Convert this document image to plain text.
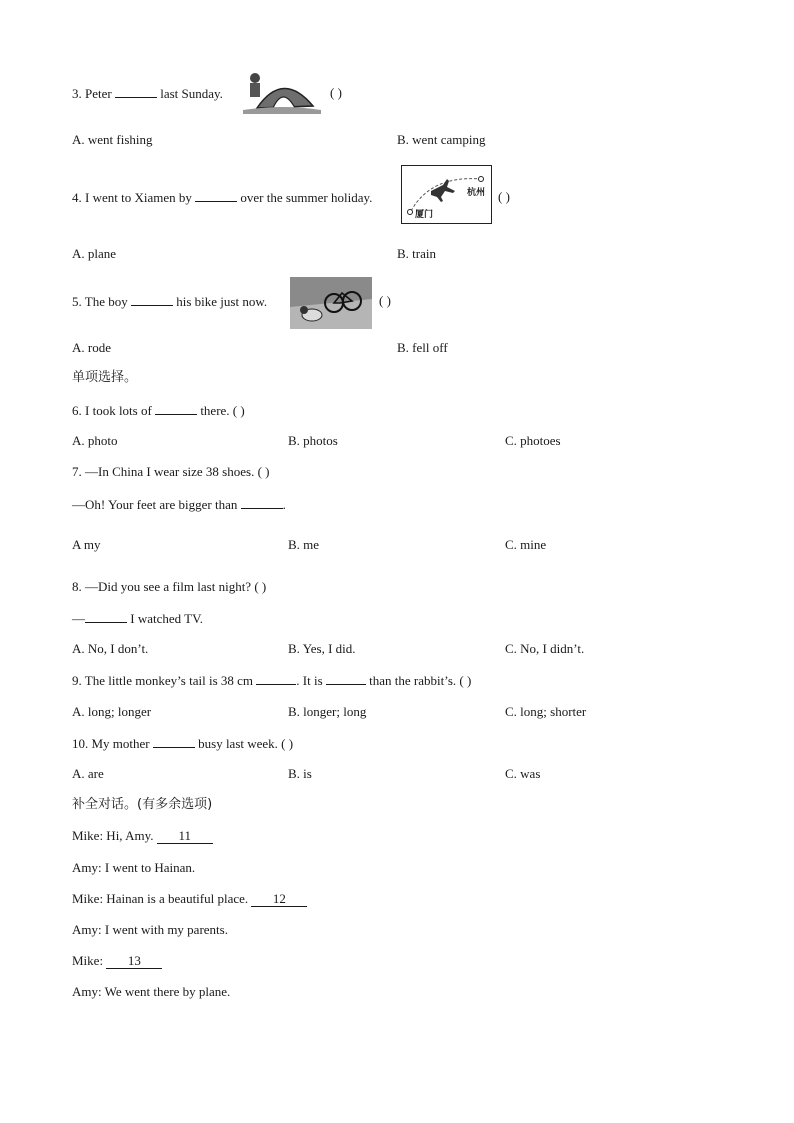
3. Peter	last Sunday.	( )
A. went fishing	B. went camping
4. I went to Xiamen by	over the summer holiday.	杭州
厦门
( )
A. plane	B. train
5. The boy	his bike just now.	( )
A. rode	B. fell off
单项选择。
6. I took lots of	there. ( )
A. photo	B. photos	C. photoes
7. —In China I wear size 38 shoes. ( )
—Oh! Your feet are bigger than	.
A my	B. me	C. mine
8. —Did you see a film last night? ( )
—	I watched TV.
A. No, I don’t.	B. Yes, I did.	C. No, I didn’t.
9. The little monkey’s tail is 38 cm	. It is	than the rabbit’s. ( )
A. long; longer	B. longer; long	C. long; shorter
10. My mother	busy last week. ( )
A. are	B. is	C. was
补全对话。(有多余选项)
Mike: Hi, Amy. 11
Amy: I went to Hainan.
Mike: Hainan is a beautiful place. 12
Amy: I went with my parents.
Mike: 13
Amy: We went there by plane.
